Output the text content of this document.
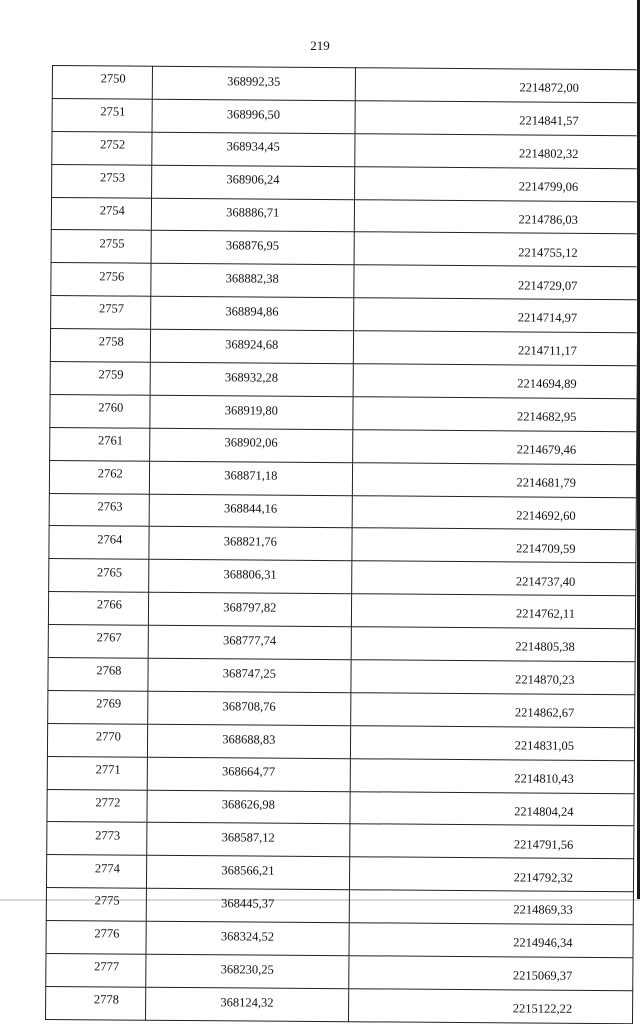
219
2750	368992,35	2214872,00
2751	368996,50	2214841,57
2752	368934,45	2214802,32
2753	368906,24	2214799,06
2754	368886,71	2214786,03
2755	368876,95	2214755,12
2756	368882,38	2214729,07
2757	368894,86	2214714,97
2758	368924,68	2214711,17
2759	368932,28	2214694,89
2760	368919,80	2214682,95
2761	368902,06	2214679,46
2762	368871,18	2214681,79
2763	368844,16	2214692,60
2764	368821,76	2214709,59
2765	368806,31	2214737,40
2766	368797,82	2214762,11
2767	368777,74	2214805,38
2768	368747,25	2214870,23
2769	368708,76	2214862,67
2770	368688,83	2214831,05
2771	368664,77	2214810,43
2772	368626,98	2214804,24
2773	368587,12	2214791,56
2774	368566,21	2214792,32
2775	368445,37	2214869,33
2776	368324,52	2214946,34
2777	368230,25	2215069,37
2778	368124,32	2215122,22
